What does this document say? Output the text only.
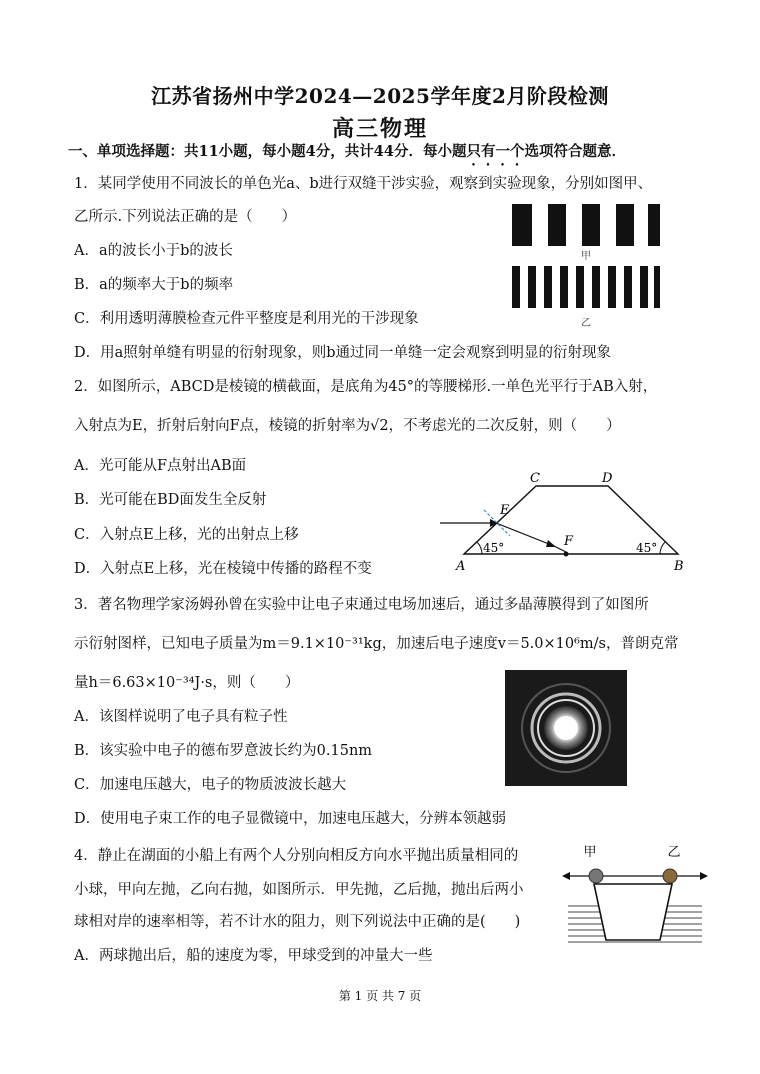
江苏省扬州中学2024—2025学年度2月阶段检测
高三物理
一、单项选择题：共11小题，每小题4分，共计44分．每小题只有一个选项符合题意．
1．某同学使用不同波长的单色光a、b进行双缝干涉实验，观察到实验现象，分别如图甲、
乙所示.下列说法正确的是（　　）
A．a的波长小于b的波长
B．a的频率大于b的频率
C．利用透明薄膜检查元件平整度是利用光的干涉现象
D．用a照射单缝有明显的衍射现象，则b通过同一单缝一定会观察到明显的衍射现象
甲
乙
2．如图所示，ABCD是棱镜的横截面，是底角为45°的等腰梯形.一单色光平行于AB入射，
入射点为E，折射后射向F点，棱镜的折射率为√2，不考虑光的二次反射，则（　　）
A．光可能从F点射出AB面
B．光可能在BD面发生全反射
C．入射点E上移，光的出射点上移
D．入射点E上移，光在棱镜中传播的路程不变
C	D
E
F
A	B
45°	45°
3．著名物理学家汤姆孙曾在实验中让电子束通过电场加速后，通过多晶薄膜得到了如图所
示衍射图样，已知电子质量为m＝9.1×10⁻³¹kg，加速后电子速度v＝5.0×10⁶m/s，普朗克常
量h＝6.63×10⁻³⁴J·s，则（　　）
A．该图样说明了电子具有粒子性
B．该实验中电子的德布罗意波长约为0.15nm
C．加速电压越大，电子的物质波波长越大
D．使用电子束工作的电子显微镜中，加速电压越大，分辨本领越弱
4．静止在湖面的小船上有两个人分别向相反方向水平抛出质量相同的
小球，甲向左抛，乙向右抛，如图所示．甲先抛，乙后抛，抛出后两小
球相对岸的速率相等，若不计水的阻力，则下列说法中正确的是(　　)
A．两球抛出后，船的速度为零，甲球受到的冲量大一些
甲	乙
第 1 页 共 7 页
